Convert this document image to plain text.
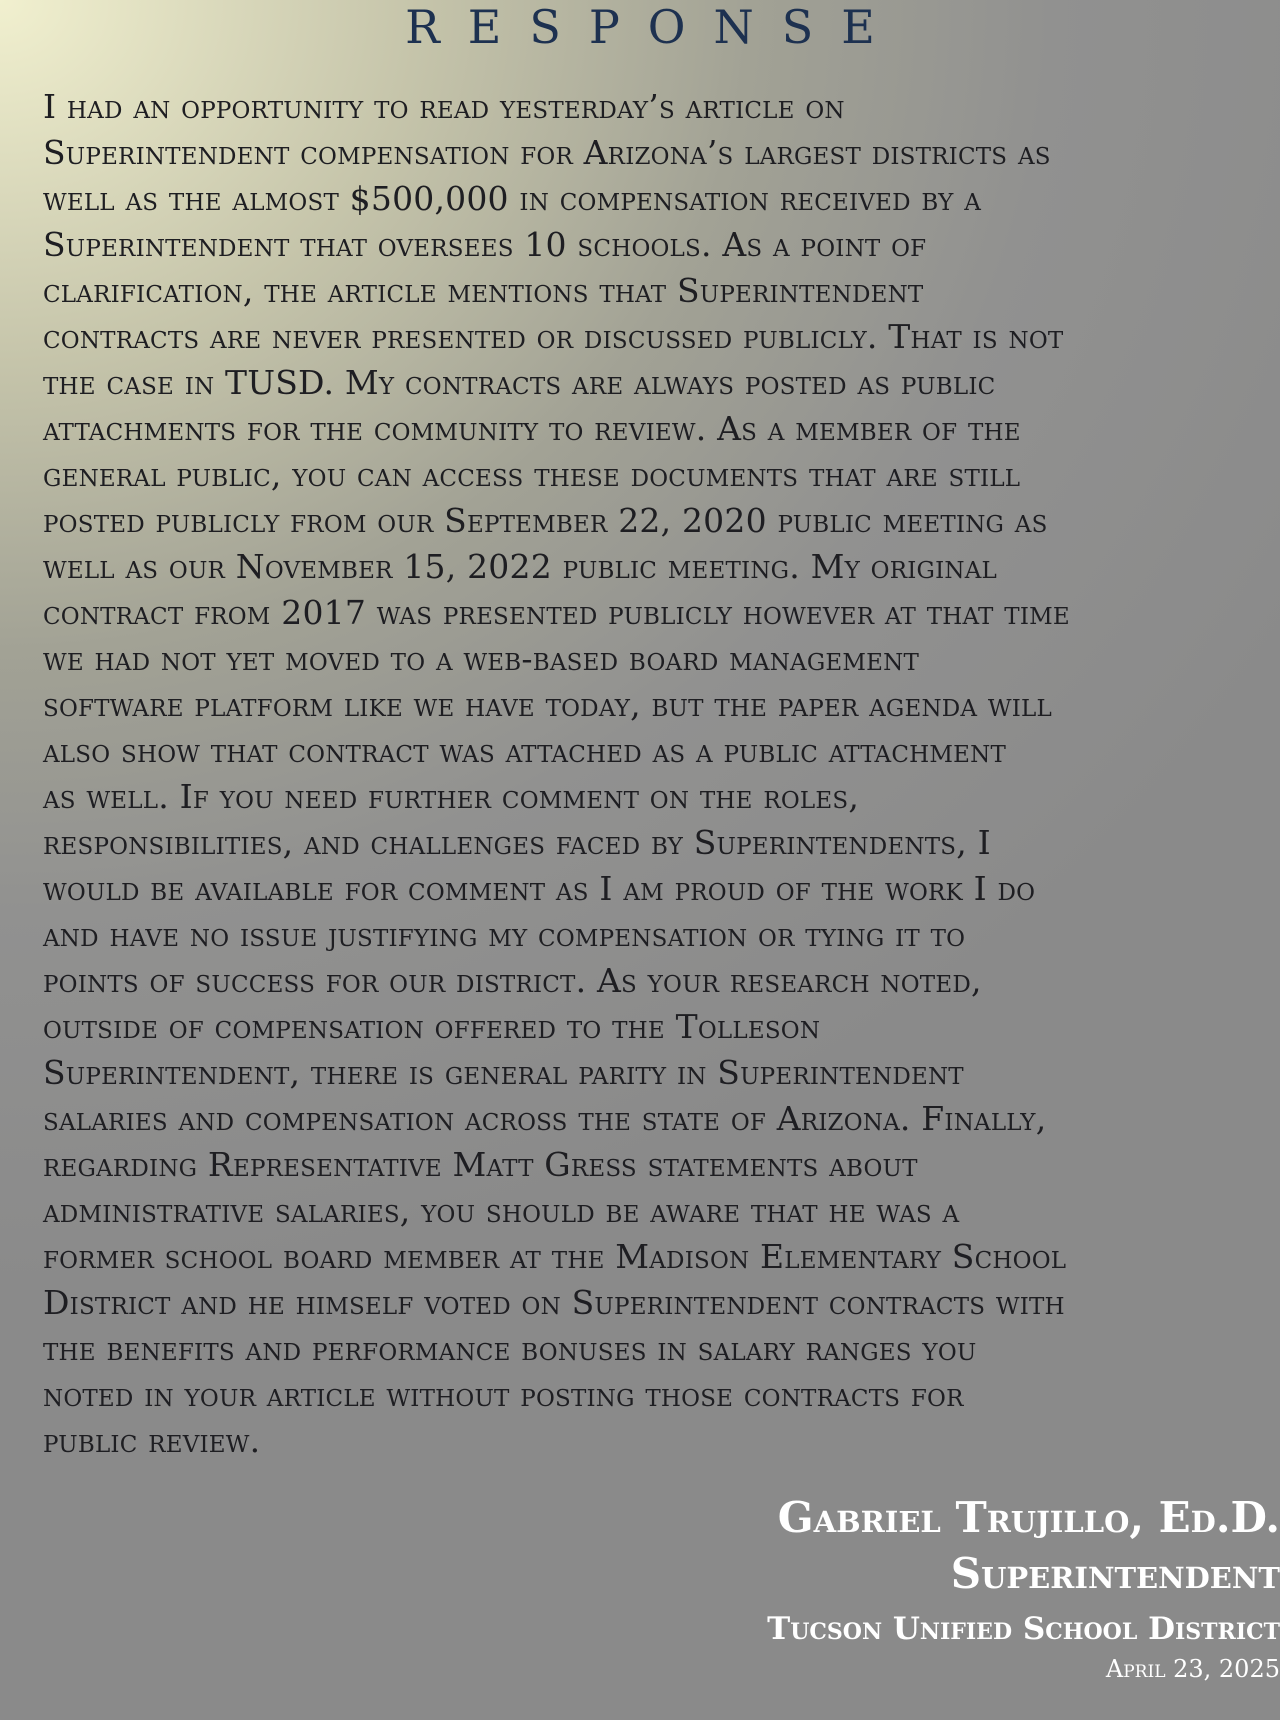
RESPONSE
I had an opportunity to read yesterday’s article on
Superintendent compensation for Arizona’s largest districts as
well as the almost $500,000 in compensation received by a
Superintendent that oversees 10 schools. As a point of
clarification, the article mentions that Superintendent
contracts are never presented or discussed publicly. That is not
the case in TUSD. My contracts are always posted as public
attachments for the community to review. As a member of the
general public, you can access these documents that are still
posted publicly from our September 22, 2020 public meeting as
well as our November 15, 2022 public meeting. My original
contract from 2017 was presented publicly however at that time
we had not yet moved to a web-based board management
software platform like we have today, but the paper agenda will
also show that contract was attached as a public attachment
as well. If you need further comment on the roles,
responsibilities, and challenges faced by Superintendents, I
would be available for comment as I am proud of the work I do
and have no issue justifying my compensation or tying it to
points of success for our district. As your research noted,
outside of compensation offered to the Tolleson
Superintendent, there is general parity in Superintendent
salaries and compensation across the state of Arizona. Finally,
regarding Representative Matt Gress statements about
administrative salaries, you should be aware that he was a
former school board member at the Madison Elementary School
District and he himself voted on Superintendent contracts with
the benefits and performance bonuses in salary ranges you
noted in your article without posting those contracts for
public review.
Gabriel Trujillo, Ed.D.
Superintendent
Tucson Unified School District
April 23, 2025
